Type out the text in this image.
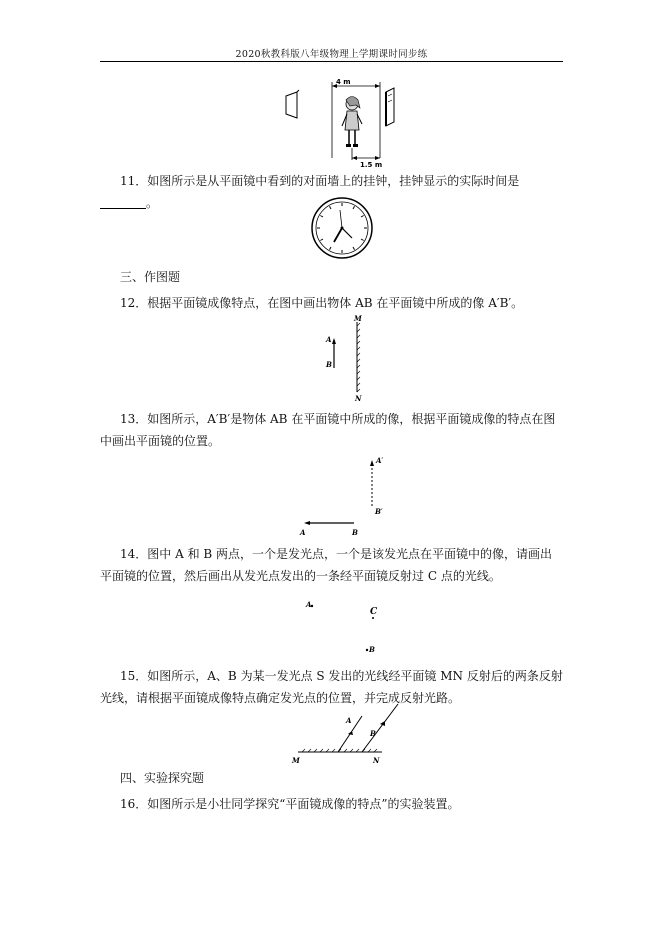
2020秋教科版八年级物理上学期课时同步练
4 m
1.5 m
11．如图所示是从平面镜中看到的对面墙上的挂钟，挂钟显示的实际时间是。
三、作图题
12．根据平面镜成像特点，在图中画出物体 AB 在平面镜中所成的像 A′B′。
M
N
A
B
13．如图所示，A′B′是物体 AB 在平面镜中所成的像，根据平面镜成像的特点在图中画出平面镜的位置。
A′
B′
A	B
14．图中 A 和 B 两点，一个是发光点，一个是该发光点在平面镜中的像，请画出平面镜的位置，然后画出从发光点发出的一条经平面镜反射过 C 点的光线。
A
C
B
15．如图所示，A、B 为某一发光点 S 发出的光线经平面镜 MN 反射后的两条反射光线，请根据平面镜成像特点确定发光点的位置，并完成反射光路。
A
B
M	N
四、实验探究题
16．如图所示是小壮同学探究“平面镜成像的特点”的实验装置。
